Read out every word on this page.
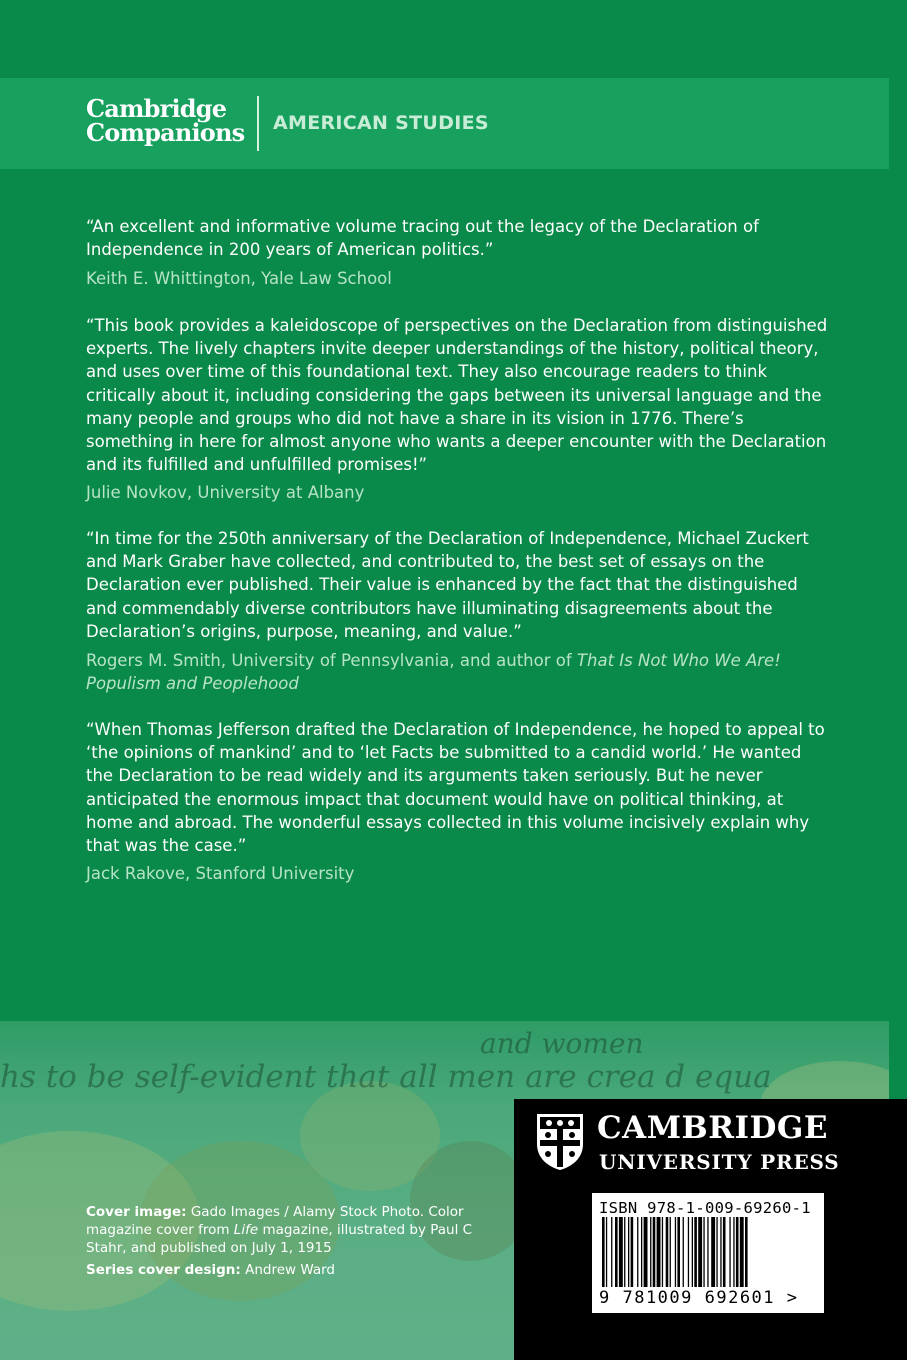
Cambridge
Companions AMERICAN STUDIES
“An excellent and informative volume tracing out the legacy of the Declaration of Independence in 200 years of American politics.”
Keith E. Whittington, Yale Law School
“This book provides a kaleidoscope of perspectives on the Declaration from distinguished experts. The lively chapters invite deeper understandings of the history, political theory, and uses over time of this foundational text. They also encourage readers to think critically about it, including considering the gaps between its universal language and the many people and groups who did not have a share in its vision in 1776. There’s something in here for almost anyone who wants a deeper encounter with the Declaration and its fulfilled and unfulfilled promises!”
Julie Novkov, University at Albany
“In time for the 250th anniversary of the Declaration of Independence, Michael Zuckert and Mark Graber have collected, and contributed to, the best set of essays on the Declaration ever published. Their value is enhanced by the fact that the distinguished and commendably diverse contributors have illuminating disagreements about the Declaration’s origins, purpose, meaning, and value.”
Rogers M. Smith, University of Pennsylvania, and author of That Is Not Who We Are! Populism and Peoplehood
“When Thomas Jefferson drafted the Declaration of Independence, he hoped to appeal to ‘the opinions of mankind’ and to ‘let Facts be submitted to a candid world.’ He wanted the Declaration to be read widely and its arguments taken seriously. But he never anticipated the enormous impact that document would have on political thinking, at home and abroad. The wonderful essays collected in this volume incisively explain why that was the case.”
Jack Rakove, Stanford University
and women
hs to be self-evident that all men are crea d equa

Cover image: Gado Images / Alamy Stock Photo. Color magazine cover from Life magazine, illustrated by Paul C Stahr, and published on July 1, 1915

Series cover design: Andrew Ward

CAMBRIDGE
UNIVERSITY PRESS
ISBN 978-1-009-69260-1
9 781009 692601 >
